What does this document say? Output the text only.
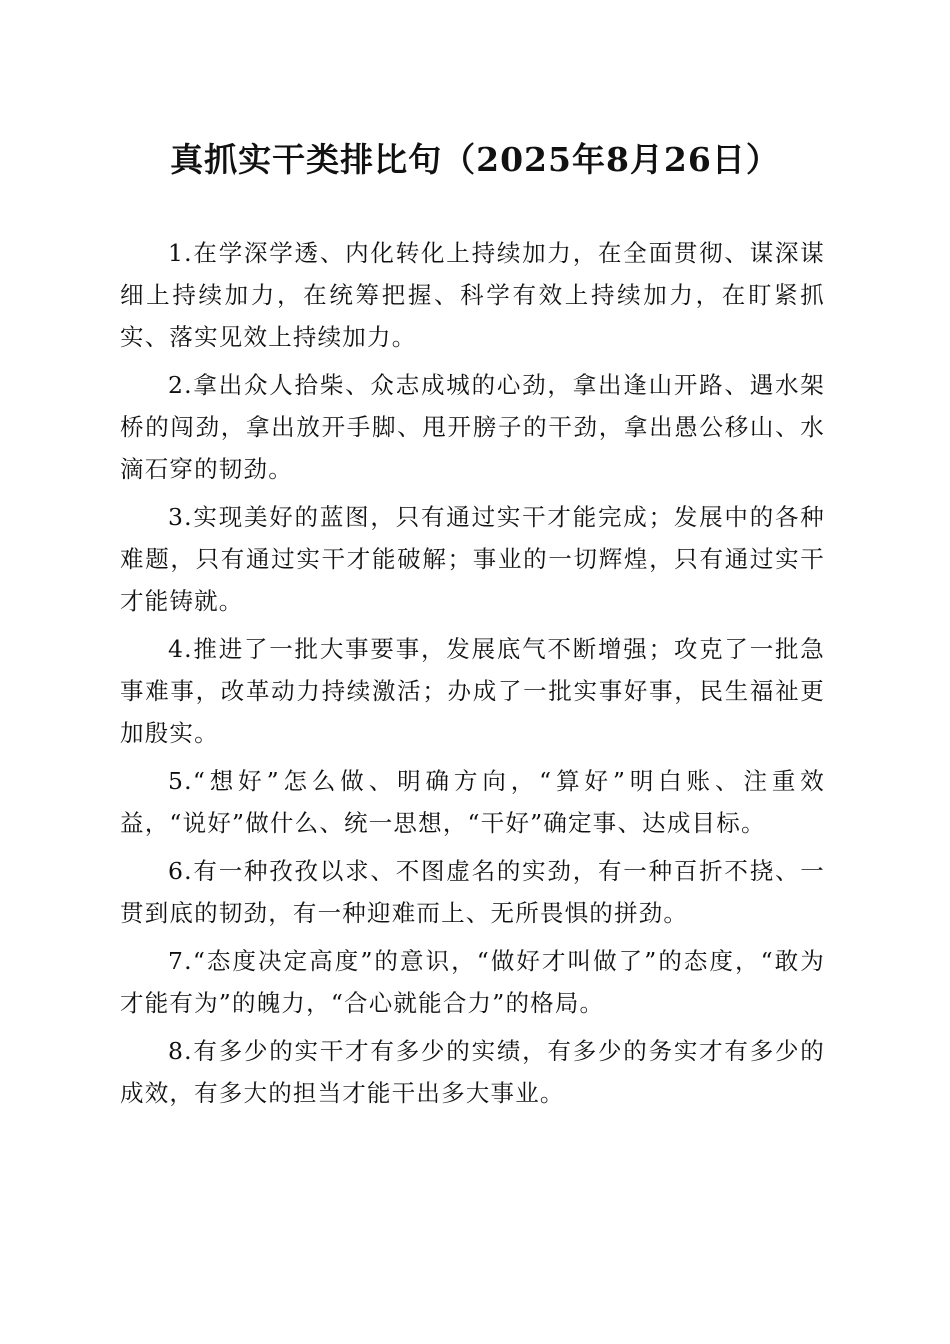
真抓实干类排比句（2025年8月26日）

1.在学深学透、内化转化上持续加力，在全面贯彻、谋深谋细上持续加力，在统筹把握、科学有效上持续加力，在盯紧抓实、落实见效上持续加力。

2.拿出众人拾柴、众志成城的心劲，拿出逢山开路、遇水架桥的闯劲，拿出放开手脚、甩开膀子的干劲，拿出愚公移山、水滴石穿的韧劲。

3.实现美好的蓝图，只有通过实干才能完成；发展中的各种难题，只有通过实干才能破解；事业的一切辉煌，只有通过实干才能铸就。

4.推进了一批大事要事，发展底气不断增强；攻克了一批急事难事，改革动力持续激活；办成了一批实事好事，民生福祉更加殷实。

5.“想好”怎么做、明确方向，“算好”明白账、注重效益，“说好”做什么、统一思想，“干好”确定事、达成目标。

6.有一种孜孜以求、不图虚名的实劲，有一种百折不挠、一贯到底的韧劲，有一种迎难而上、无所畏惧的拼劲。

7.“态度决定高度”的意识，“做好才叫做了”的态度，“敢为才能有为”的魄力，“合心就能合力”的格局。

8.有多少的实干才有多少的实绩，有多少的务实才有多少的成效，有多大的担当才能干出多大事业。
